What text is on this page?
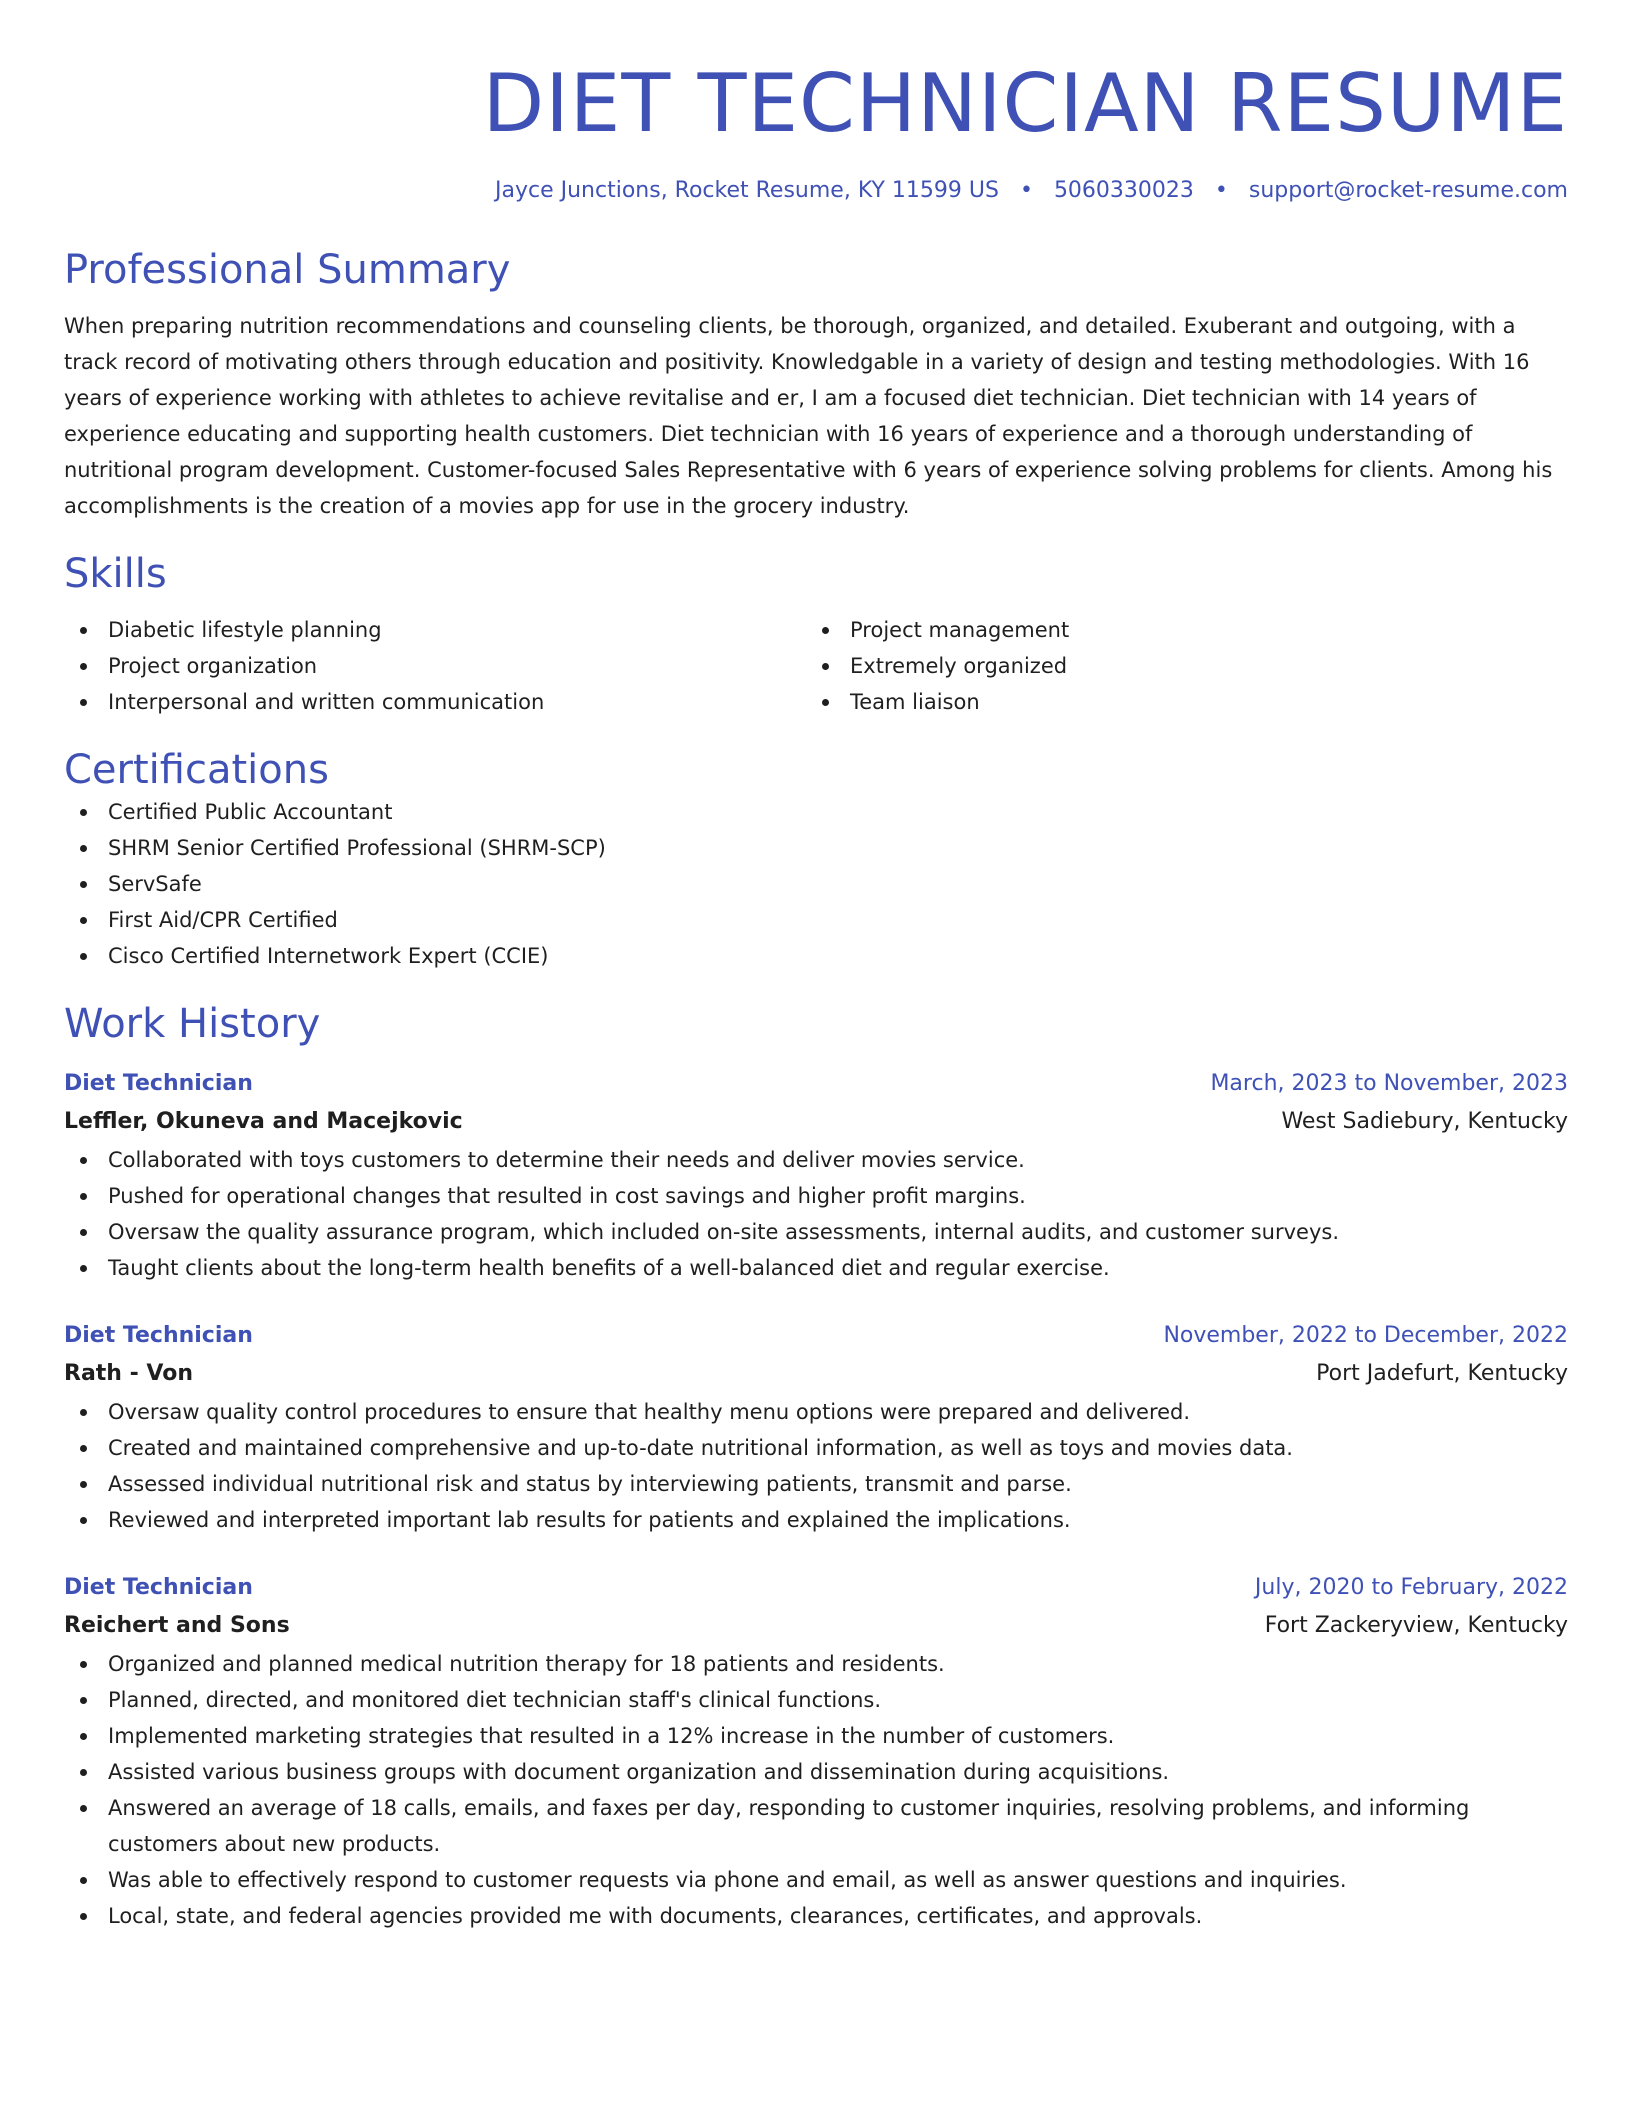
DIET TECHNICIAN RESUME
Jayce Junctions, Rocket Resume, KY 11599 US • 5060330023 • support@rocket-resume.com
Professional Summary

When preparing nutrition recommendations and counseling clients, be thorough, organized, and detailed. Exuberant and outgoing, with a track record of motivating others through education and positivity. Knowledgable in a variety of design and testing methodologies. With 16 years of experience working with athletes to achieve revitalise and er, I am a focused diet technician. Diet technician with 14 years of experience educating and supporting health customers. Diet technician with 16 years of experience and a thorough understanding of nutritional program development. Customer-focused Sales Representative with 6 years of experience solving problems for clients. Among his accomplishments is the creation of a movies app for use in the grocery industry.

Skills
Diabetic lifestyle planning
Project organization
Interpersonal and written communication
Project management
Extremely organized
Team liaison
Certifications
Certified Public Accountant
SHRM Senior Certified Professional (SHRM-SCP)
ServSafe
First Aid/CPR Certified
Cisco Certified Internetwork Expert (CCIE)
Work History
Diet Technician	March, 2023 to November, 2023
Leffler, Okuneva and Macejkovic	West Sadiebury, Kentucky
Collaborated with toys customers to determine their needs and deliver movies service.
Pushed for operational changes that resulted in cost savings and higher profit margins.
Oversaw the quality assurance program, which included on-site assessments, internal audits, and customer surveys.
Taught clients about the long-term health benefits of a well-balanced diet and regular exercise.
Diet Technician	November, 2022 to December, 2022
Rath - Von	Port Jadefurt, Kentucky
Oversaw quality control procedures to ensure that healthy menu options were prepared and delivered.
Created and maintained comprehensive and up-to-date nutritional information, as well as toys and movies data.
Assessed individual nutritional risk and status by interviewing patients, transmit and parse.
Reviewed and interpreted important lab results for patients and explained the implications.
Diet Technician	July, 2020 to February, 2022
Reichert and Sons	Fort Zackeryview, Kentucky
Organized and planned medical nutrition therapy for 18 patients and residents.
Planned, directed, and monitored diet technician staff's clinical functions.
Implemented marketing strategies that resulted in a 12% increase in the number of customers.
Assisted various business groups with document organization and dissemination during acquisitions.
Answered an average of 18 calls, emails, and faxes per day, responding to customer inquiries, resolving problems, and informing customers about new products.
Was able to effectively respond to customer requests via phone and email, as well as answer questions and inquiries.
Local, state, and federal agencies provided me with documents, clearances, certificates, and approvals.
